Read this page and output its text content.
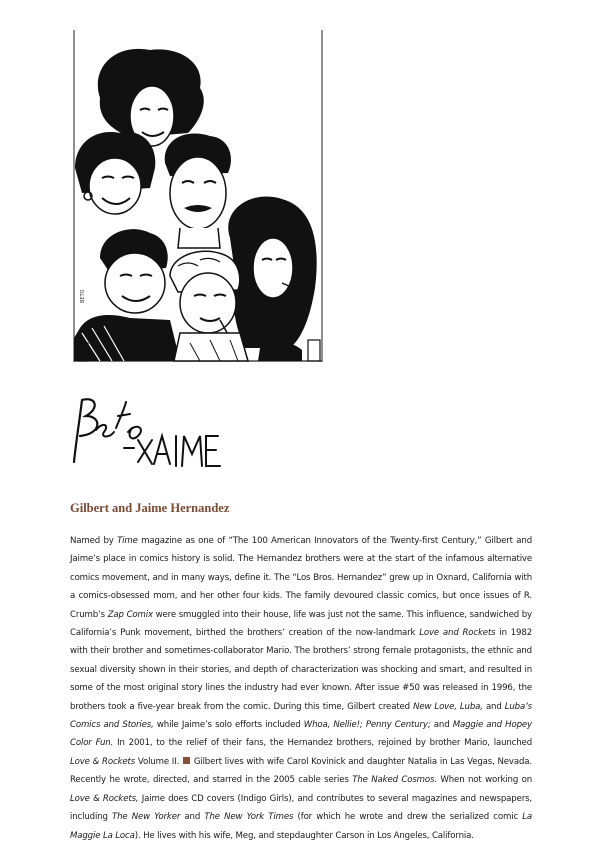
BETO
Gilbert and Jaime Hernandez

Named by Time magazine as one of “The 100 American Innovators of the Twenty-first Century,” Gilbert and Jaime’s place in comics history is solid. The Hernandez brothers were at the start of the infamous alternative comics movement, and in many ways, define it. The “Los Bros. Hernandez” grew up in Oxnard, California with a comics-obsessed mom, and her other four kids. The family devoured classic comics, but once issues of R. Crumb’s Zap Comix were smuggled into their house, life was just not the same. This influence, sandwiched by California’s Punk movement, birthed the brothers’ creation of the now-landmark Love and Rockets in 1982 with their brother and sometimes-collaborator Mario. The brothers’ strong female protagonists, the ethnic and sexual diversity shown in their stories, and depth of characterization was shocking and smart, and resulted in some of the most original story lines the industry had ever known. After issue #50 was released in 1996, the brothers took a five-year break from the comic. During this time, Gilbert created New Love, Luba, and Luba’s Comics and Stories, while Jaime’s solo efforts included Whoa, Nellie!; Penny Century; and Maggie and Hopey Color Fun. In 2001, to the relief of their fans, the Hernandez brothers, rejoined by brother Mario, launched Love & Rockets Volume II.  Gilbert lives with wife Carol Kovinick and daughter Natalia in Las Vegas, Nevada. Recently he wrote, directed, and starred in the 2005 cable series The Naked Cosmos. When not working on Love & Rockets, Jaime does CD covers (Indigo Girls), and contributes to several magazines and newspapers, including The New Yorker and The New York Times (for which he wrote and drew the serialized comic La Maggie La Loca). He lives with his wife, Meg, and stepdaughter Carson in Los Angeles, California.
